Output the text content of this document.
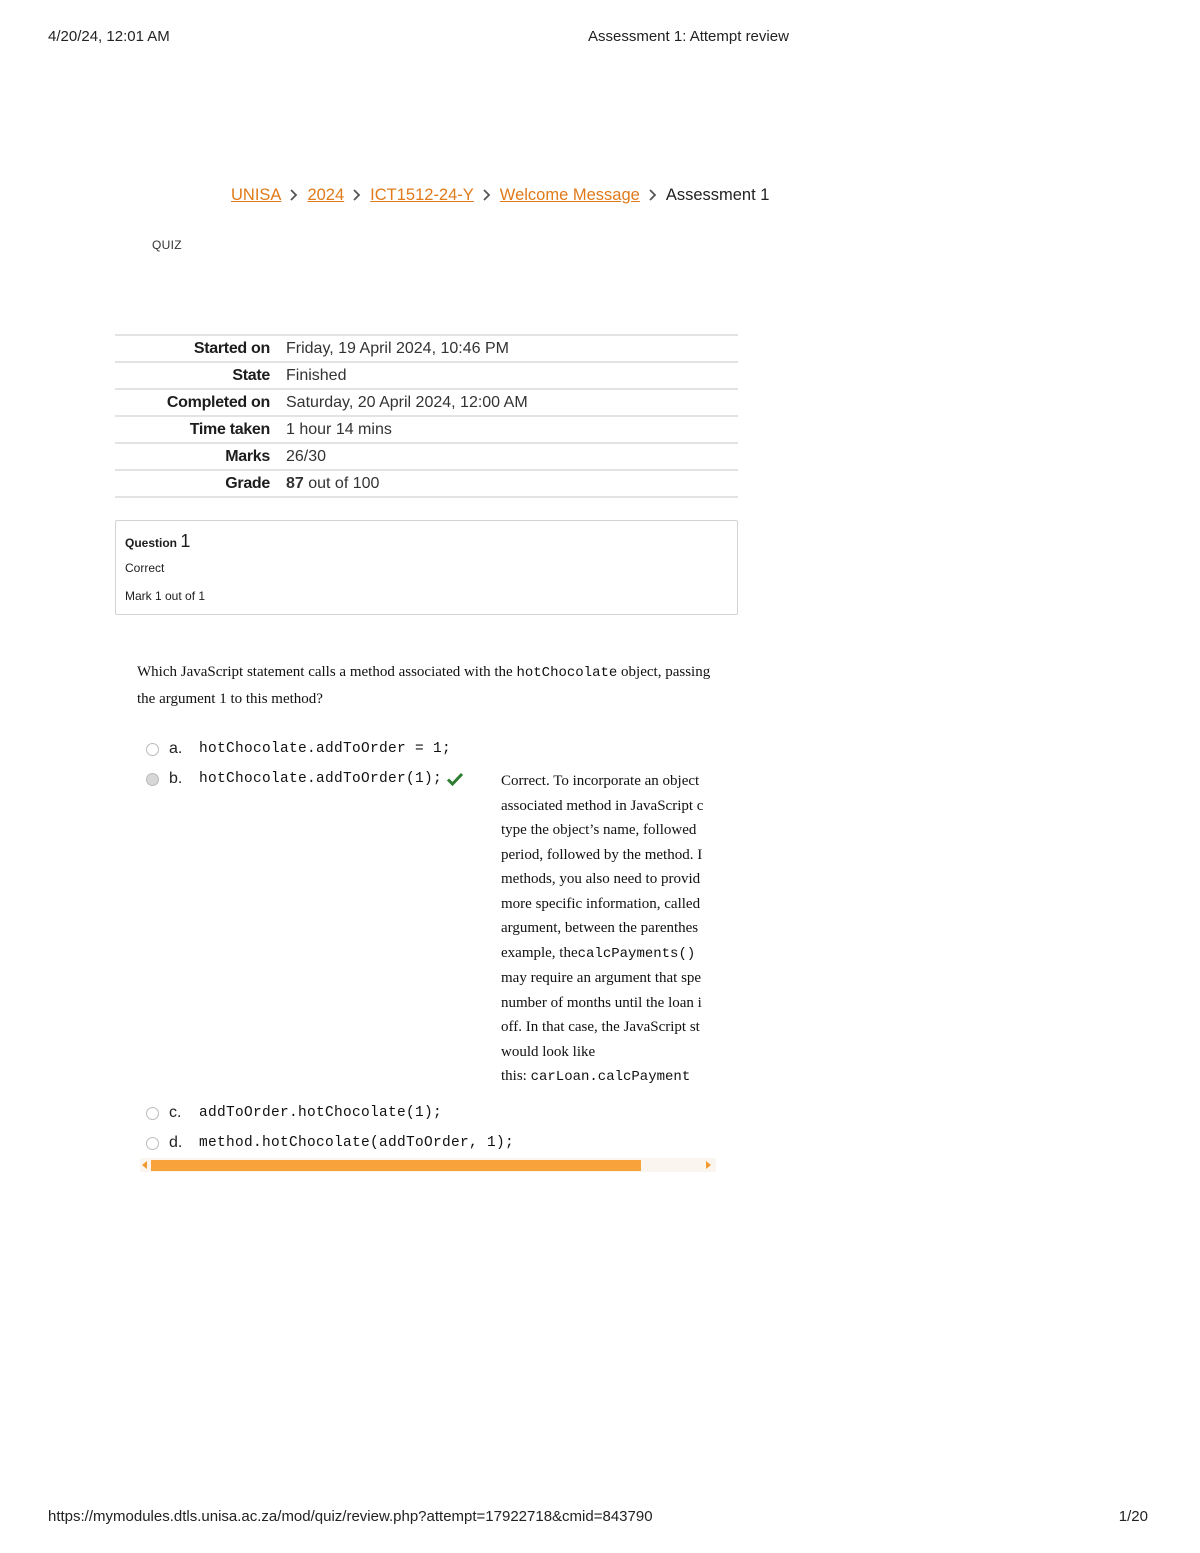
4/20/24, 12:01 AM	Assessment 1: Attempt review
UNISA 2024 ICT1512-24-Y Welcome Message Assessment 1
QUIZ
Started on	Friday, 19 April 2024, 10:46 PM
State	Finished
Completed on	Saturday, 20 April 2024, 12:00 AM
Time taken	1 hour 14 mins
Marks	26/30
Grade	87 out of 100
Question 1
Correct
Mark 1 out of 1
Which JavaScript statement calls a method associated with the hotChocolate object, passing the argument 1 to this method?
a.	hotChocolate.addToOrder = 1;
b.	hotChocolate.addToOrder(1);	Correct. To incorporate an object
associated method in JavaScript c
type the object’s name, followed
period, followed by the method. I
methods, you also need to provid
more specific information, called
argument, between the parenthes
example, thecalcPayments()
may require an argument that spe
number of months until the loan i
off. In that case, the JavaScript st
would look like
this: carLoan.calcPayment
c.	addToOrder.hotChocolate(1);
d.	method.hotChocolate(addToOrder, 1);
https://mymodules.dtls.unisa.ac.za/mod/quiz/review.php?attempt=17922718&cmid=843790	1/20
